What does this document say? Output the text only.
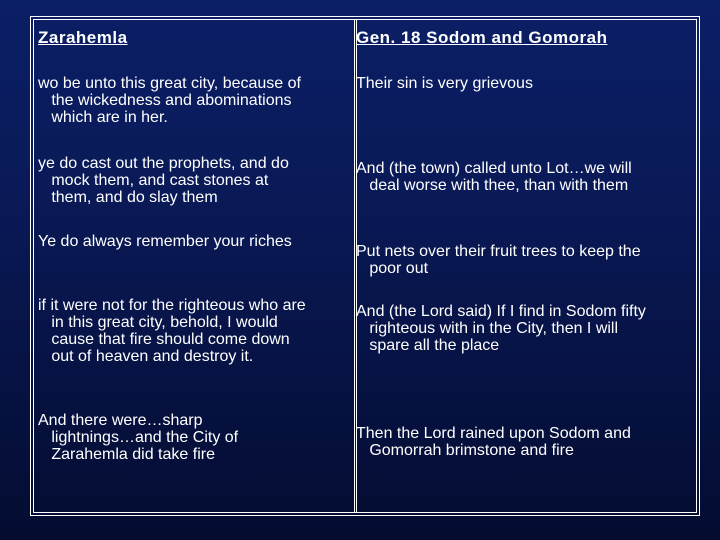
Zarahemla	Gen. 18 Sodom and Gomorah
wo be unto this great city, because of
the wickedness and abominations
which are in her.
Their sin is very grievous
ye do cast out the prophets, and do
mock them, and cast stones at
them, and do slay them
And (the town) called unto Lot…we will
deal worse with thee, than with them
Ye do always remember your riches
Put nets over their fruit trees to keep the
poor out
if it were not for the righteous who are
in this great city, behold, I would
cause that fire should come down
out of heaven and destroy it.
And (the Lord said) If I find in Sodom fifty
righteous with in the City, then I will
spare all the place
And there were…sharp
lightnings…and the City of
Zarahemla did take fire
Then the Lord rained upon Sodom and
Gomorrah brimstone and fire
